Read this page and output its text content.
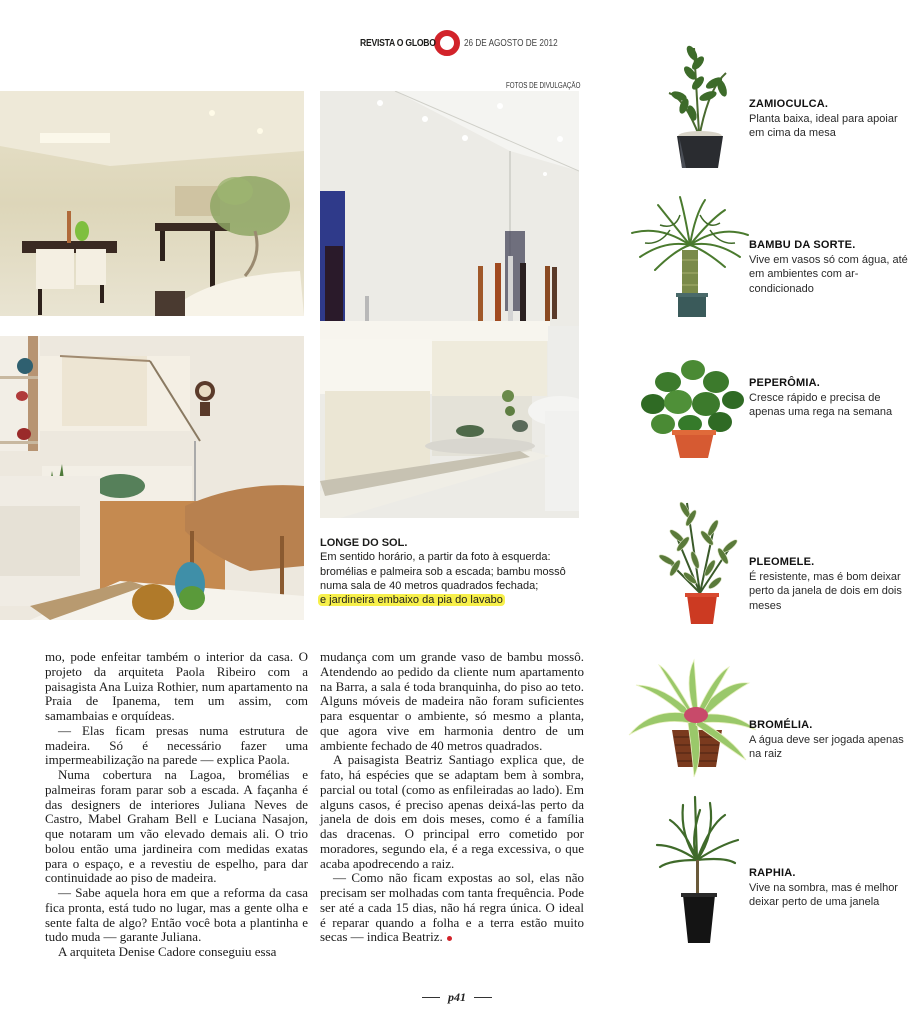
REVISTA O GLOBO	26 DE AGOSTO DE 2012
FOTOS DE DIVULGAÇÃO
LONGE DO SOL.
Em sentido horário, a partir da foto à esquerda: bromélias e palmeira sob a escada; bambu mossô numa sala de 40 metros quadrados fechada;
e jardineira embaixo da pia do lavabo

mo, pode enfeitar também o interior da casa. O projeto da arquiteta Paola Ribeiro com a paisagista Ana Luiza Rothier, num apartamento na Praia de Ipanema, tem um assim, com samambaias e orquídeas.

— Elas ficam presas numa estrutura de madeira. Só é necessário fazer uma impermeabilização na parede — explica Paola.

Numa cobertura na Lagoa, bromélias e palmeiras foram parar sob a escada. A façanha é das designers de interiores Juliana Neves de Castro, Mabel Graham Bell e Luciana Nasajon, que notaram um vão elevado demais ali. O trio bolou então uma jardineira com medidas exatas para o espaço, e a revestiu de espelho, para dar continuidade ao piso de madeira.

— Sabe aquela hora em que a reforma da casa fica pronta, está tudo no lugar, mas a gente olha e sente falta de algo? Então você bota a plantinha e tudo muda — garante Juliana.

A arquiteta Denise Cadore conseguiu essa

mudança com um grande vaso de bambu mossô. Atendendo ao pedido da cliente num apartamento na Barra, a sala é toda branquinha, do piso ao teto. Alguns móveis de madeira não foram suficientes para esquentar o ambiente, só mesmo a planta, que agora vive em harmonia dentro de um ambiente fechado de 40 metros quadrados.

A paisagista Beatriz Santiago explica que, de fato, há espécies que se adaptam bem à sombra, parcial ou total (como as enfileiradas ao lado). Em alguns casos, é preciso apenas deixá-las perto da janela de dois em dois meses, como é a família das dracenas. O principal erro cometido por moradores, segundo ela, é a rega excessiva, o que acaba apodrecendo a raiz.

— Como não ficam expostas ao sol, elas não precisam ser molhadas com tanta frequência. Pode ser até a cada 15 dias, não há regra única. O ideal é reparar quando a folha e a terra estão muito secas — indica Beatriz.

ZAMIOCULCA.
Planta baixa, ideal para apoiar em cima da mesa
BAMBU DA SORTE.
Vive em vasos só com água, até em ambientes com ar-condicionado
PEPERÔMIA.
Cresce rápido e precisa de apenas uma rega na semana
PLEOMELE.
É resistente, mas é bom deixar perto da janela de dois em dois meses
BROMÉLIA.
A água deve ser jogada apenas na raiz
RAPHIA.
Vive na sombra, mas é melhor deixar perto de uma janela
p41
